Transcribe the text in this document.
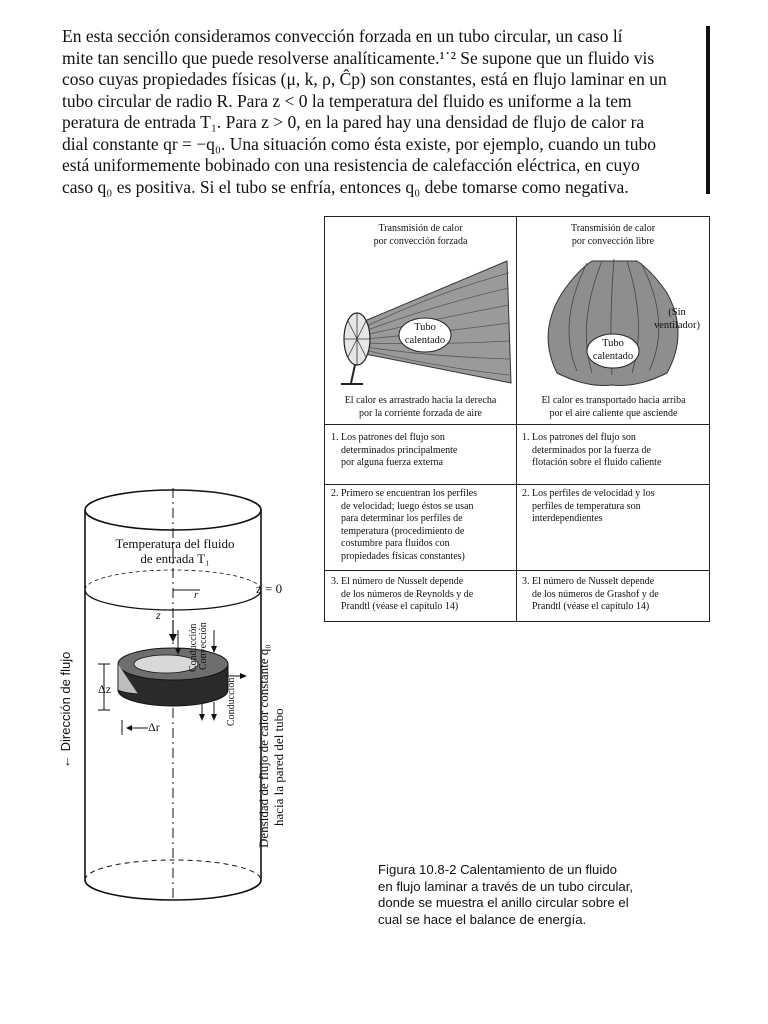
En esta sección consideramos convección forzada en un tubo circular, un caso lí
mite tan sencillo que puede resolverse analíticamente.¹˙² Se supone que un fluido vis
coso cuyas propiedades físicas (μ, k, ρ, Ĉp) son constantes, está en flujo laminar en un
tubo circular de radio R. Para z < 0 la temperatura del fluido es uniforme a la tem
peratura de entrada T₁. Para z > 0, en la pared hay una densidad de flujo de calor ra
dial constante qr = −q₀. Una situación como ésta existe, por ejemplo, cuando un tubo
está uniformemente bobinado con una resistencia de calefacción eléctrica, en cuyo
caso q₀ es positiva. Si el tubo se enfría, entonces q₀ debe tomarse como negativa.
Transmisión de calor
por convección forzada
Transmisión de calor
por convección libre
Tubo
calentado	Tubo
calentado
(Sin
ventilador)
El calor es arrastrado hacia la derecha
por la corriente forzada de aire
El calor es transportado hacia arriba
por el aire caliente que asciende
1. Los patrones del flujo son
determinados principalmente
por alguna fuerza externa
1. Los patrones del flujo son
determinados por la fuerza de
flotación sobre el fluido caliente
2. Primero se encuentran los perfiles
de velocidad; luego éstos se usan
para determinar los perfiles de
temperatura (procedimiento de
costumbre para fluidos con
propiedades físicas constantes)
2. Los perfiles de velocidad y los
perfiles de temperatura son
interdependientes
3. El número de Nusselt depende
de los números de Reynolds y de
Prandtl (véase el capítulo 14)
3. El número de Nusselt depende
de los números de Grashof y de
Prandtl (véase el capítulo 14)
Temperatura del fluido
de entrada T₁
z = 0
r
z
Δz
Δr
Conducción Convección
Conducción
← Dirección de flujo	Densidad de flujo de calor constante q₀ hacia la pared del tubo
Figura 10.8-2 Calentamiento de un fluido
en flujo laminar a través de un tubo circular,
donde se muestra el anillo circular sobre el
cual se hace el balance de energía.
